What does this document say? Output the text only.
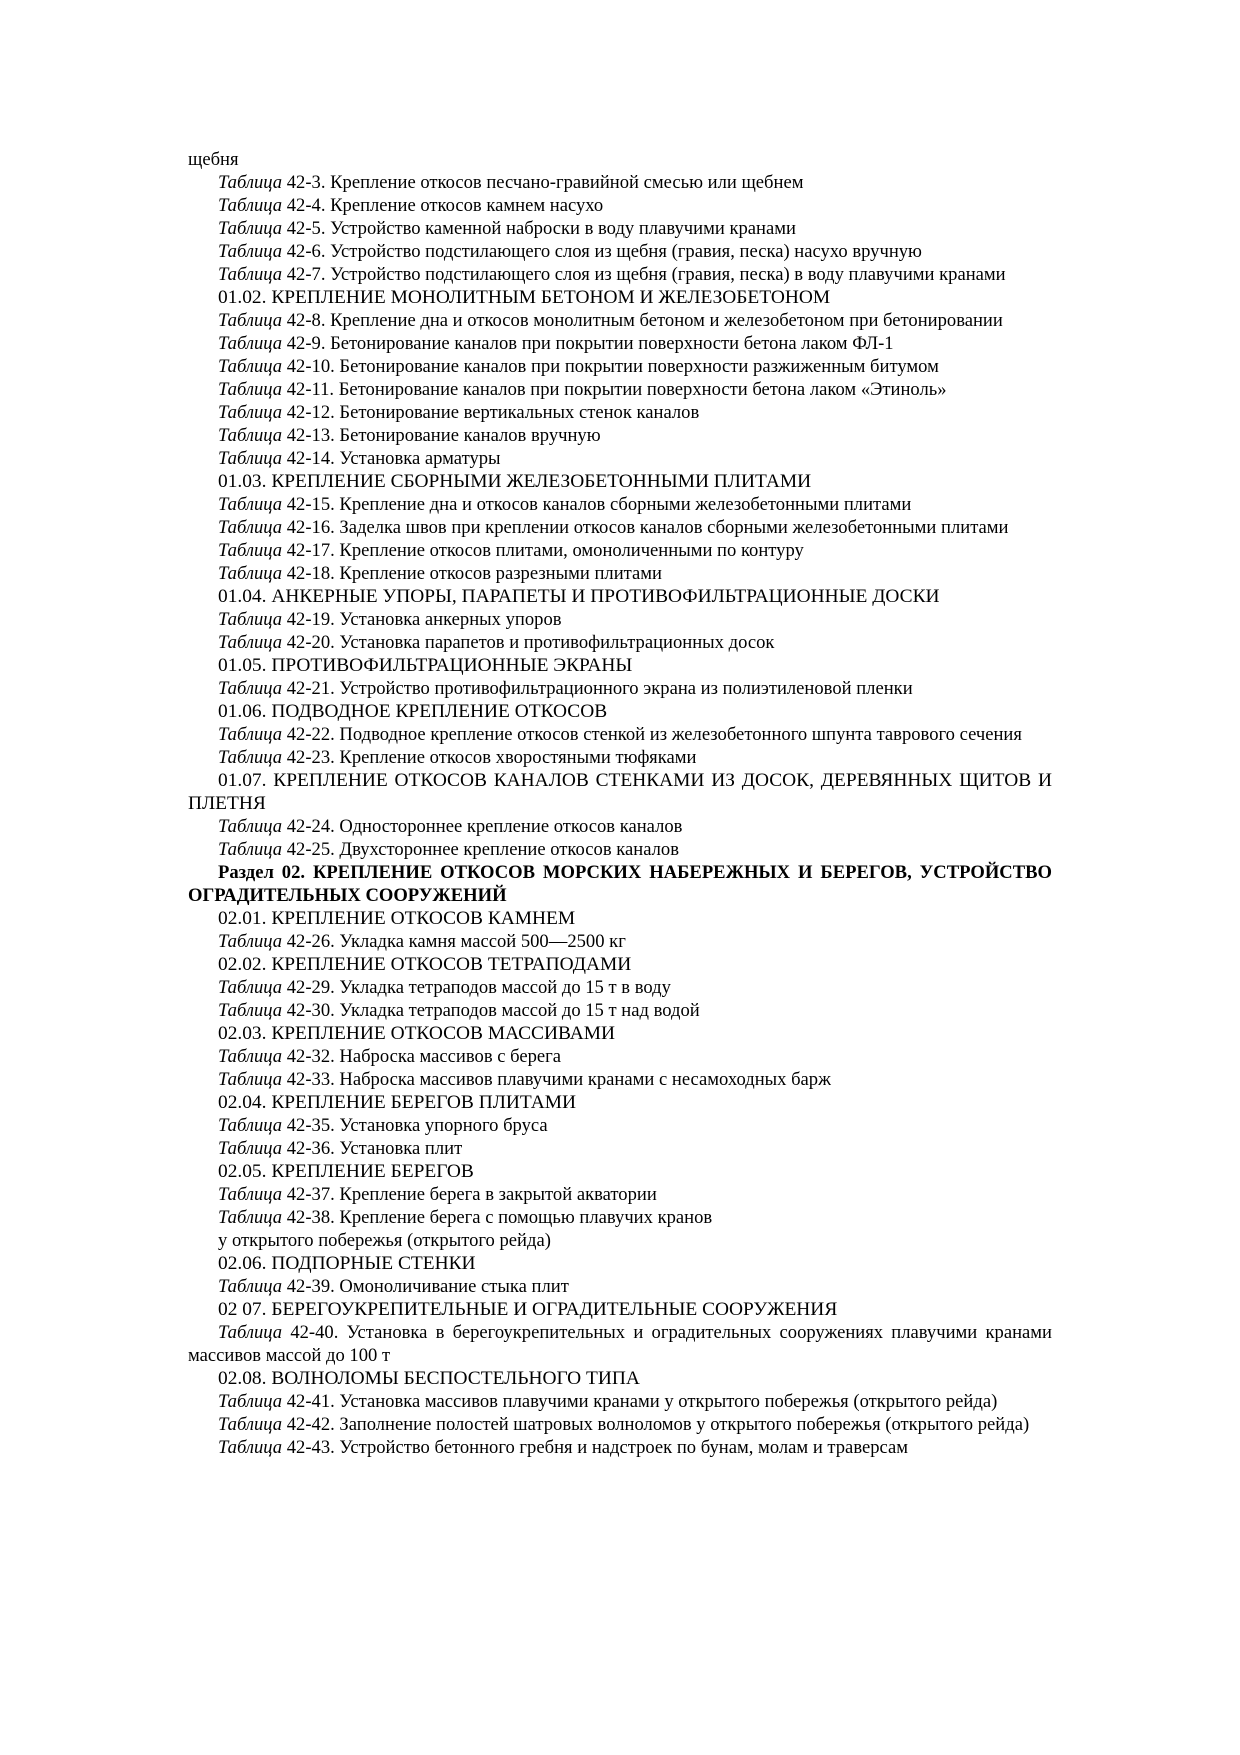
щебня

Таблица 42-3. Крепление откосов песчано-гравийной смесью или щебнем

Таблица 42-4. Крепление откосов камнем насухо

Таблица 42-5. Устройство каменной наброски в воду плавучими кранами

Таблица 42-6. Устройство подстилающего слоя из щебня (гравия, песка) насухо вручную

Таблица 42-7. Устройство подстилающего слоя из щебня (гравия, песка) в воду плавучими кранами

01.02. КРЕПЛЕНИЕ МОНОЛИТНЫМ БЕТОНОМ И ЖЕЛЕЗОБЕТОНОМ

Таблица 42-8. Крепление дна и откосов монолитным бетоном и железобетоном при бетонировании

Таблица 42-9. Бетонирование каналов при покрытии поверхности бетона лаком ФЛ-1

Таблица 42-10. Бетонирование каналов при покрытии поверхности разжиженным битумом

Таблица 42-11. Бетонирование каналов при покрытии поверхности бетона лаком «Этиноль»

Таблица 42-12. Бетонирование вертикальных стенок каналов

Таблица 42-13. Бетонирование каналов вручную

Таблица 42-14. Установка арматуры

01.03. КРЕПЛЕНИЕ СБОРНЫМИ ЖЕЛЕЗОБЕТОННЫМИ ПЛИТАМИ

Таблица 42-15. Крепление дна и откосов каналов сборными железобетонными плитами

Таблица 42-16. Заделка швов при креплении откосов каналов сборными железобетонными плитами

Таблица 42-17. Крепление откосов плитами, омоноличенными по контуру

Таблица 42-18. Крепление откосов разрезными плитами

01.04. АНКЕРНЫЕ УПОРЫ, ПАРАПЕТЫ И ПРОТИВОФИЛЬТРАЦИОННЫЕ ДОСКИ

Таблица 42-19. Установка анкерных упоров

Таблица 42-20. Установка парапетов и противофильтрационных досок

01.05. ПРОТИВОФИЛЬТРАЦИОННЫЕ ЭКРАНЫ

Таблица 42-21. Устройство противофильтрационного экрана из полиэтиленовой пленки

01.06. ПОДВОДНОЕ КРЕПЛЕНИЕ ОТКОСОВ

Таблица 42-22. Подводное крепление откосов стенкой из железобетонного шпунта таврового сечения

Таблица 42-23. Крепление откосов хворостяными тюфяками

01.07. КРЕПЛЕНИЕ ОТКОСОВ КАНАЛОВ СТЕНКАМИ ИЗ ДОСОК, ДЕРЕВЯННЫХ ЩИТОВ И ПЛЕТНЯ

Таблица 42-24. Одностороннее крепление откосов каналов

Таблица 42-25. Двухстороннее крепление откосов каналов

Раздел 02. КРЕПЛЕНИЕ ОТКОСОВ МОРСКИХ НАБЕРЕЖНЫХ И БЕРЕГОВ, УСТРОЙСТВО ОГРАДИТЕЛЬНЫХ СООРУЖЕНИЙ

02.01. КРЕПЛЕНИЕ ОТКОСОВ КАМНЕМ

Таблица 42-26. Укладка камня массой 500—2500 кг

02.02. КРЕПЛЕНИЕ ОТКОСОВ ТЕТРАПОДАМИ

Таблица 42-29. Укладка тетраподов массой до 15 т в воду

Таблица 42-30. Укладка тетраподов массой до 15 т над водой

02.03. КРЕПЛЕНИЕ ОТКОСОВ МАССИВАМИ

Таблица 42-32. Наброска массивов с берега

Таблица 42-33. Наброска массивов плавучими кранами с несамоходных барж

02.04. КРЕПЛЕНИЕ БЕРЕГОВ ПЛИТАМИ

Таблица 42-35. Установка упорного бруса

Таблица 42-36. Установка плит

02.05. КРЕПЛЕНИЕ БЕРЕГОВ

Таблица 42-37. Крепление берега в закрытой акватории

Таблица 42-38. Крепление берега с помощью плавучих кранов

у открытого побережья (открытого рейда)

02.06. ПОДПОРНЫЕ СТЕНКИ

Таблица 42-39. Омоноличивание стыка плит

02 07. БЕРЕГОУКРЕПИТЕЛЬНЫЕ И ОГРАДИТЕЛЬНЫЕ СООРУЖЕНИЯ

Таблица 42-40. Установка в берегоукрепительных и оградительных сооружениях плавучими кранами массивов массой до 100 т

02.08. ВОЛНОЛОМЫ БЕСПОСТЕЛЬНОГО ТИПА

Таблица 42-41. Установка массивов плавучими кранами у открытого побережья (открытого рейда)

Таблица 42-42. Заполнение полостей шатровых волноломов у открытого побережья (открытого рейда)

Таблица 42-43. Устройство бетонного гребня и надстроек по бунам, молам и траверсам
